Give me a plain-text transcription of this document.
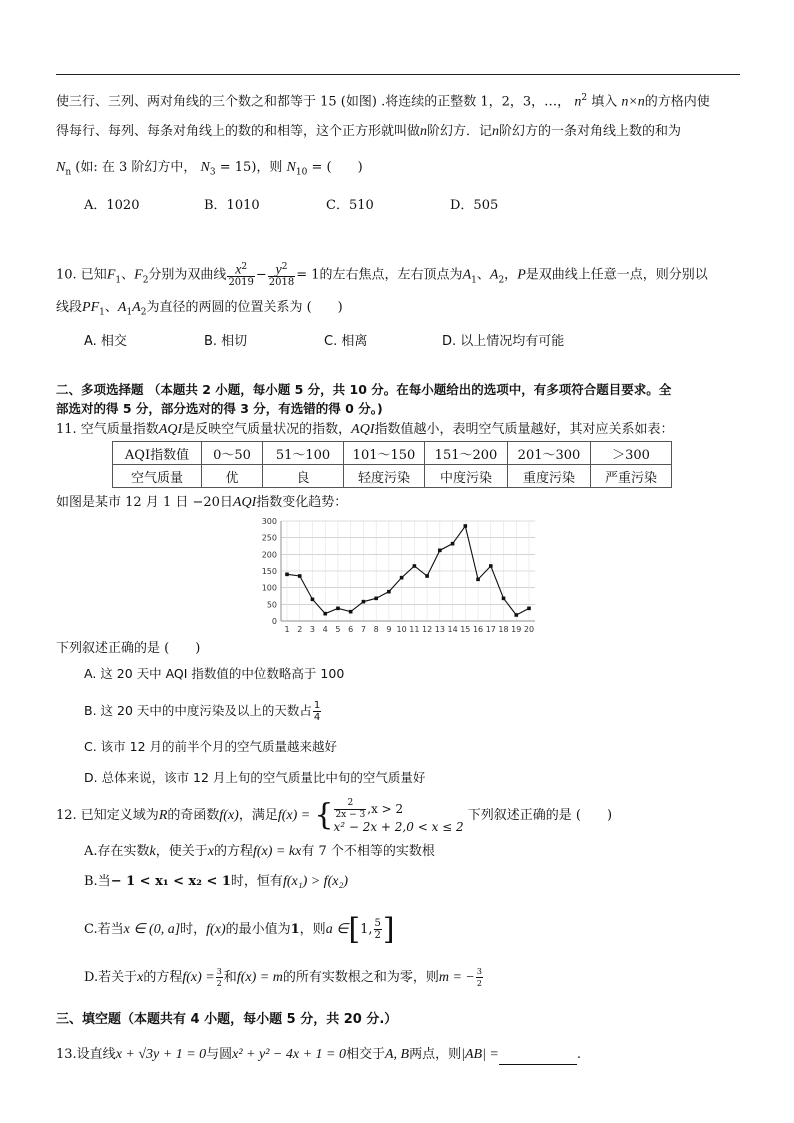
使三行、三列、两对角线的三个数之和都等于 15 (如图) .将连续的正整数 1，2，3，…， $n^2$ 填入 n×n的方格内使
得每行、每列、每条对角线上的数的和相等，这个正方形就叫做n阶幻方．记n阶幻方的一条对角线上数的和为
$N_n$ (如: 在 3 阶幻方中， $N_3 = 15$)，则 $N_{10}$ = (　　)
A．1020	B．1010	C．510	D．505
10. 已知$F_1$、$F_2$分别为双曲线 $\frac{x^2}{2019} - \frac{y^2}{2018} = 1$的左右焦点，左右顶点为$A_1$、$A_2$，P是双曲线上任意一点，则分别以
线段$PF_1$、$A_1A_2$为直径的两圆的位置关系为 (　　)
A. 相交	B. 相切	C. 相离	D. 以上情况均有可能
二、多项选择题 （本题共 2 小题，每小题 5 分，共 10 分。在每小题给出的选项中，有多项符合题目要求。全
部选对的得 5 分，部分选对的得 3 分，有选错的得 0 分。)
11. 空气质量指数AQI是反映空气质量状况的指数，AQI指数值越小，表明空气质量越好，其对应关系如表：
AQI指数值	0～50	51～100	101～150	151～200	201～300	＞300
空气质量	优	良	轻度污染	中度污染	重度污染	严重污染
如图是某市 12 月 1 日 −20日AQI指数变化趋势：
0
50
100
150
200
250
300
1 2 3 4 5 6 7 8 9 10 11 12 13 14 15 16 17 18 19 20
下列叙述正确的是 (　　)
A. 这 20 天中 AQI 指数值的中位数略高于 100
B. 这 20 天中的中度污染及以上的天数占 $\frac{1}{4}$
C. 该市 12 月的前半个月的空气质量越来越好
D. 总体来说，该市 12 月上旬的空气质量比中旬的空气质量好
12. 已知定义域为R的奇函数f(x)，满足f(x) = { $\frac{2}{2x - 3} ,x > 2$
x² − 2x + 2,0 < x ≤ 2
下列叙述正确的是 (　　)
A.存在实数k，使关于x的方程f(x) = kx有 7 个不相等的实数根
B.当− 1 < x₁ < x₂ < 1时，恒有f(x₁) > f(x₂)
C.若当x ∈ (0, a]时，f(x)的最小值为1，则a ∈[1, $\frac{5}{2}$ ]
D.若关于x的方程$f(x) = \frac{3}{2}$ 和f(x) = m的所有实数根之和为零，则m = − $\frac{3}{2}$
三、填空题（本题共有 4 小题，每小题 5 分，共 20 分.）
13.设直线x + √3y + 1 = 0与圆x² + y² − 4x + 1 = 0相交于A, B两点，则|AB| =	.
